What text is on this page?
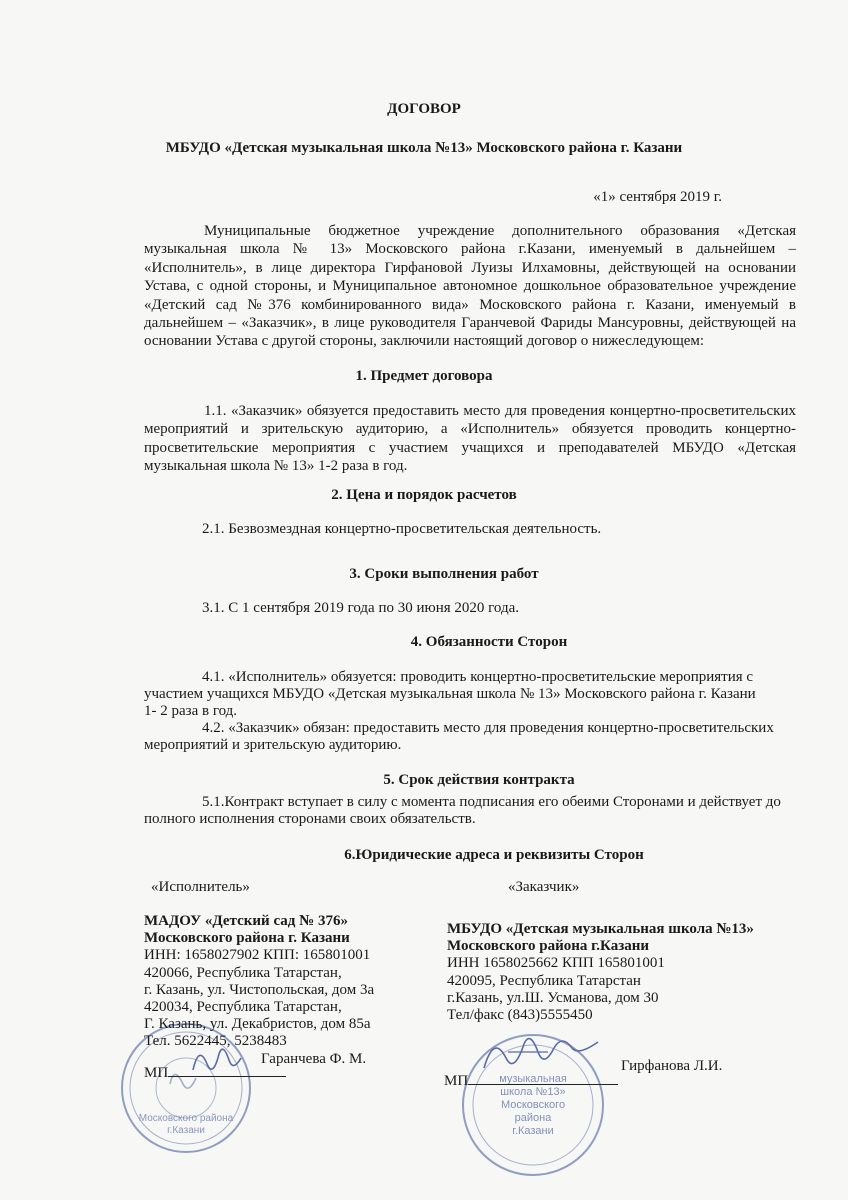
ДОГОВОР
МБУДО «Детская музыкальная школа №13» Московского района г. Казани
«1» сентября 2019 г.
Муниципальные бюджетное учреждение дополнительного образования «Детская музыкальная школа № 13» Московского района г.Казани, именуемый в дальнейшем – «Исполнитель», в лице директора Гирфановой Луизы Илхамовны, действующей на основании Устава, с одной стороны, и Муниципальное автономное дошкольное образовательное учреждение «Детский сад №376 комбинированного вида» Московского района г. Казани, именуемый в дальнейшем – «Заказчик», в лице руководителя Гаранчевой Фариды Мансуровны, действующей на основании Устава с другой стороны, заключили настоящий договор о нижеследующем:
1. Предмет договора
1.1. «Заказчик» обязуется предоставить место для проведения концертно-просветительских мероприятий и зрительскую аудиторию, а «Исполнитель» обязуется проводить концертно-просветительские мероприятия с участием учащихся и преподавателей МБУДО «Детская музыкальная школа № 13» 1-2 раза в год.
2. Цена и порядок расчетов
2.1. Безвозмездная концертно-просветительская деятельность.
3. Сроки выполнения работ
3.1. С 1 сентября 2019 года по 30 июня 2020 года.
4. Обязанности Сторон
4.1. «Исполнитель» обязуется: проводить концертно-просветительские мероприятия с
участием учащихся МБУДО «Детская музыкальная школа № 13» Московского района г. Казани
1- 2 раза в год.
4.2. «Заказчик» обязан: предоставить место для проведения концертно-просветительских
мероприятий и зрительскую аудиторию.
5. Срок действия контракта
5.1.Контракт вступает в силу с момента подписания его обеими Сторонами и действует до
полного исполнения сторонами своих обязательств.
6.Юридические адреса и реквизиты Сторон
«Исполнитель»	«Заказчик»
Московского района
г.Казани
музыкальная
школа №13»
Московского
района
г.Казани
МАДОУ «Детский сад № 376»
Московского района г. Казани
ИНН: 1658027902 КПП: 165801001
420066, Республика Татарстан,
г. Казань, ул. Чистопольская, дом 3а
420034, Республика Татарстан,
Г. Казань, ул. Декабристов, дом 85а
Тел. 5622445, 5238483
Гаранчева Ф. М.
МП
МБУДО «Детская музыкальная школа №13»
Московского района г.Казани
ИНН 1658025662 КПП 165801001
420095, Республика Татарстан
г.Казань, ул.Ш. Усманова, дом 30
Тел/факс (843)5555450
Гирфанова Л.И.
МП
